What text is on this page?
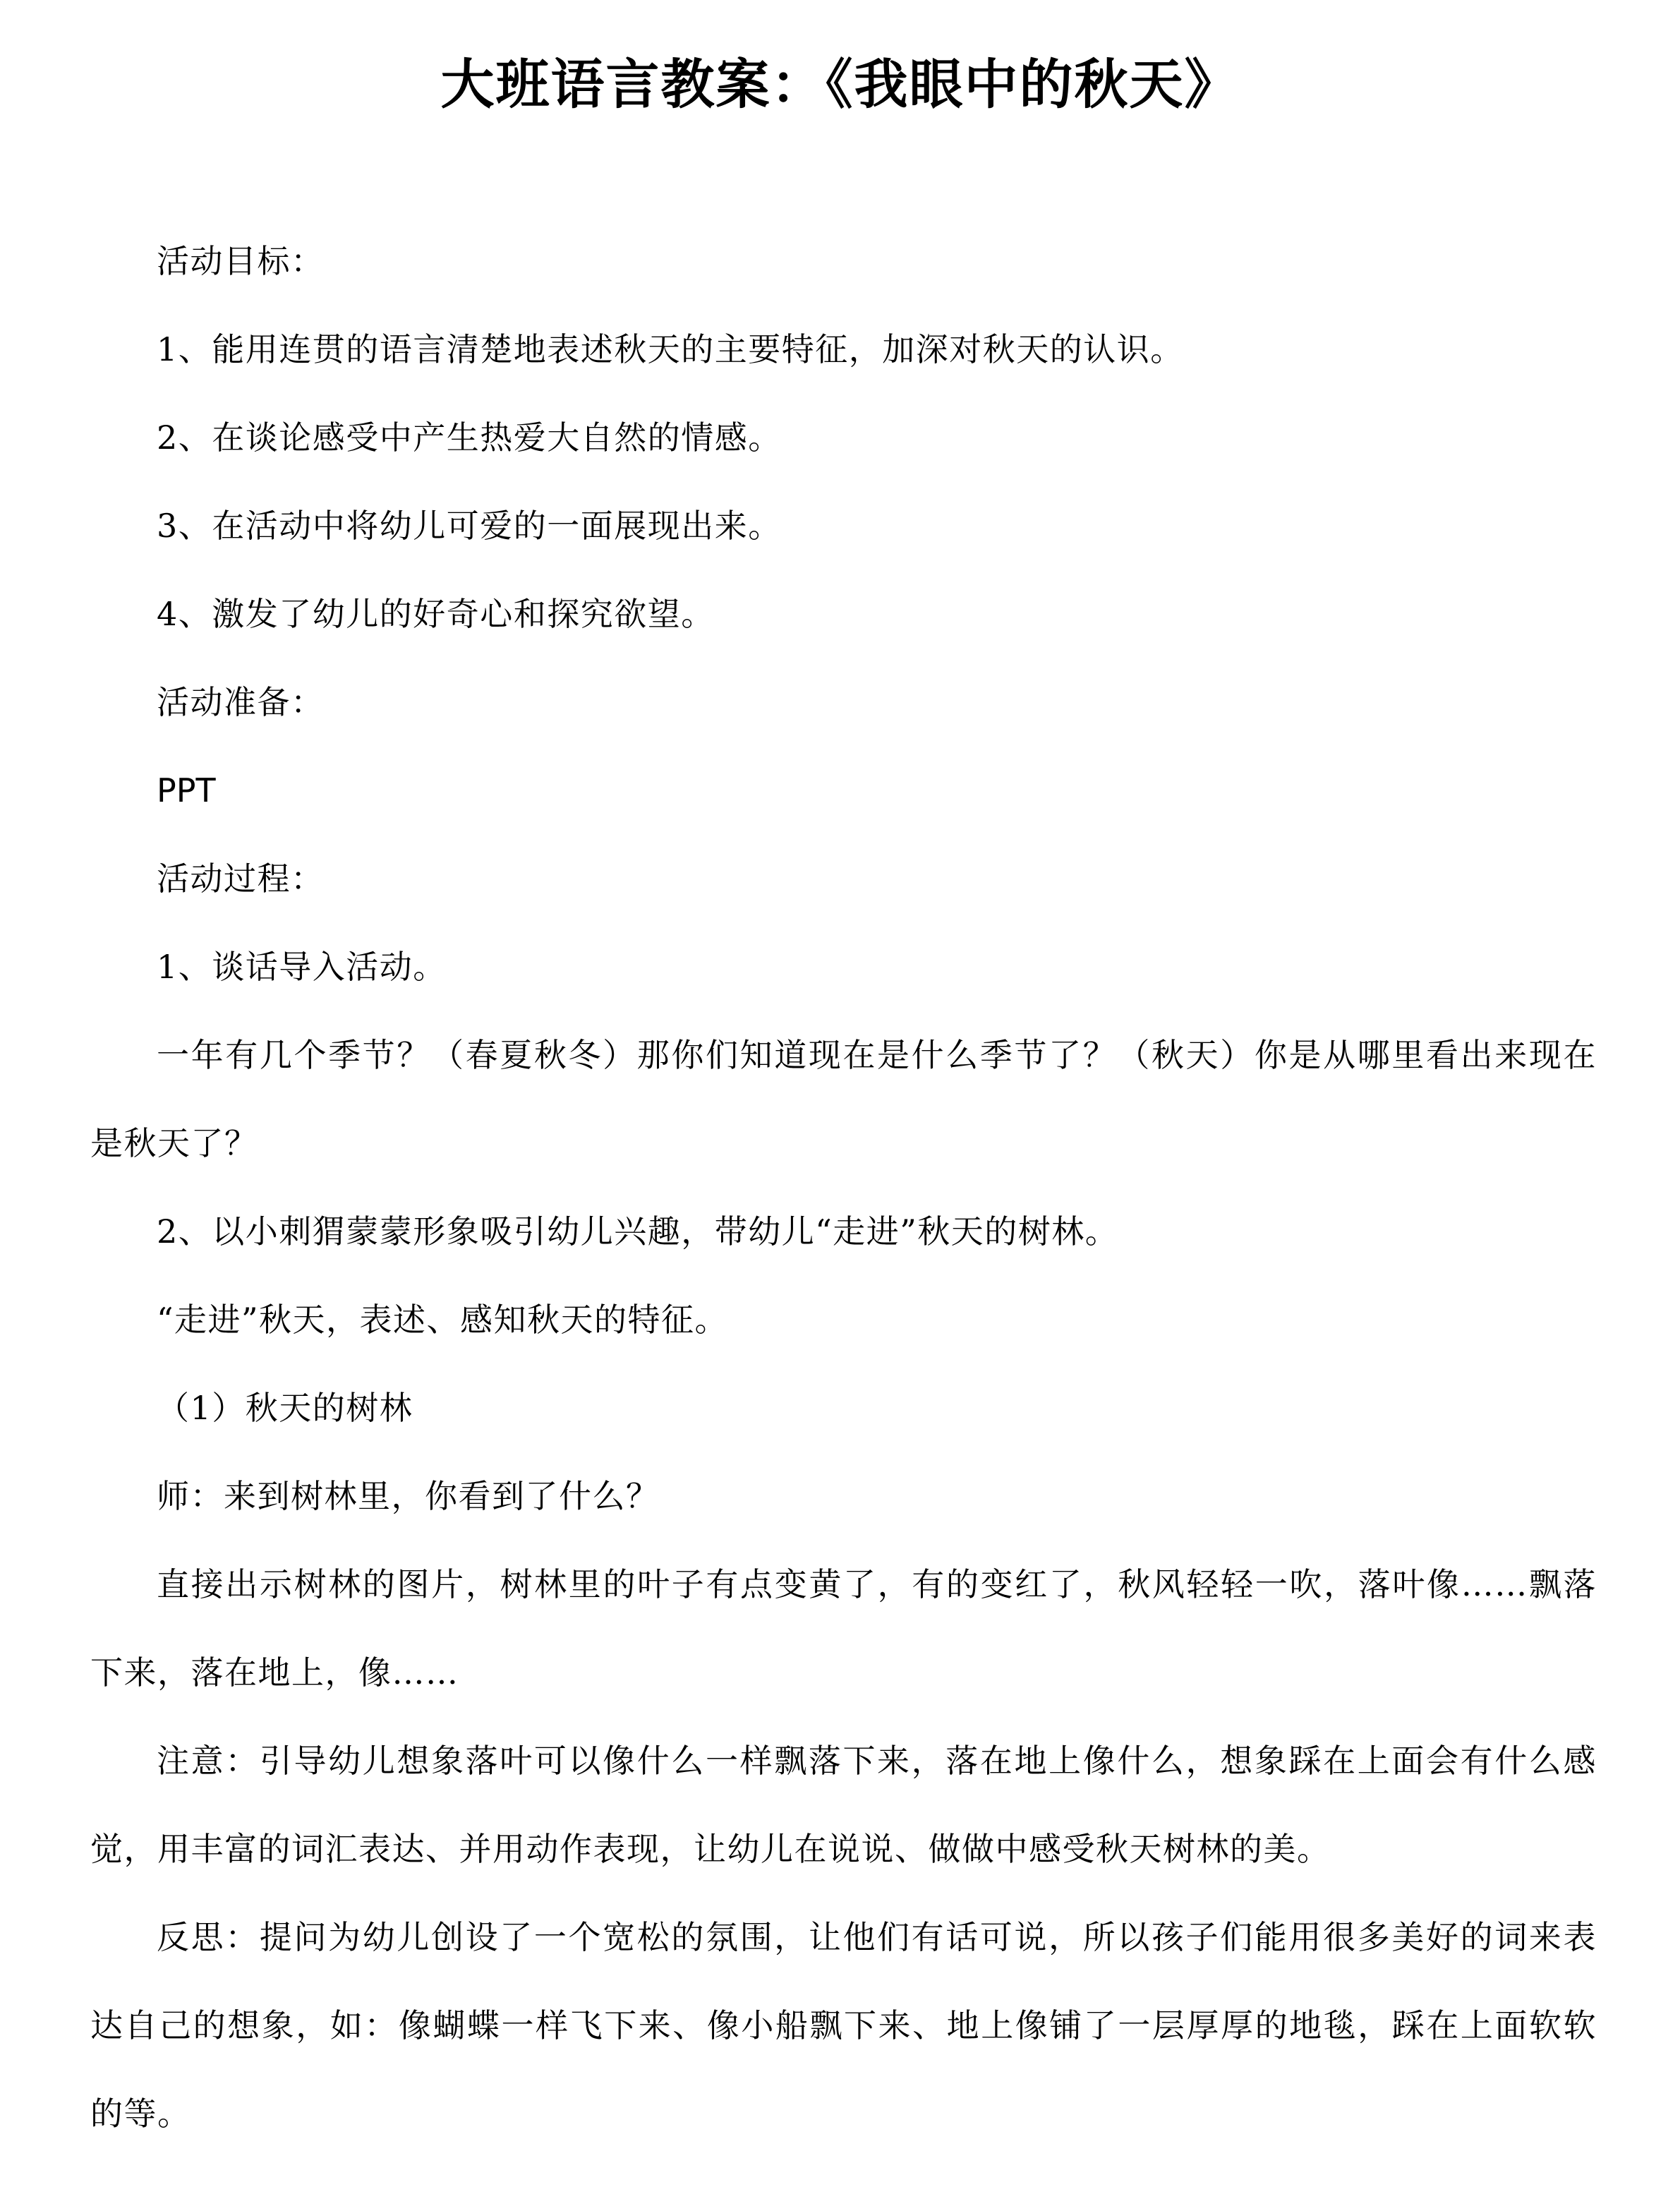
大班语言教案：《我眼中的秋天》
活动目标：
1、能用连贯的语言清楚地表述秋天的主要特征，加深对秋天的认识。
2、在谈论感受中产生热爱大自然的情感。
3、在活动中将幼儿可爱的一面展现出来。
4、激发了幼儿的好奇心和探究欲望。
活动准备：
PPT
活动过程：
1、谈话导入活动。
一年有几个季节？（春夏秋冬）那你们知道现在是什么季节了？（秋天）你是从哪里看出来现在
是秋天了？
2、以小刺猬蒙蒙形象吸引幼儿兴趣，带幼儿“走进”秋天的树林。
“走进”秋天，表述、感知秋天的特征。
（1）秋天的树林
师：来到树林里，你看到了什么？
直接出示树林的图片，树林里的叶子有点变黄了，有的变红了，秋风轻轻一吹，落叶像……飘落
下来，落在地上，像……
注意：引导幼儿想象落叶可以像什么一样飘落下来，落在地上像什么，想象踩在上面会有什么感
觉，用丰富的词汇表达、并用动作表现，让幼儿在说说、做做中感受秋天树林的美。
反思：提问为幼儿创设了一个宽松的氛围，让他们有话可说，所以孩子们能用很多美好的词来表
达自己的想象，如：像蝴蝶一样飞下来、像小船飘下来、地上像铺了一层厚厚的地毯，踩在上面软软
的等。
